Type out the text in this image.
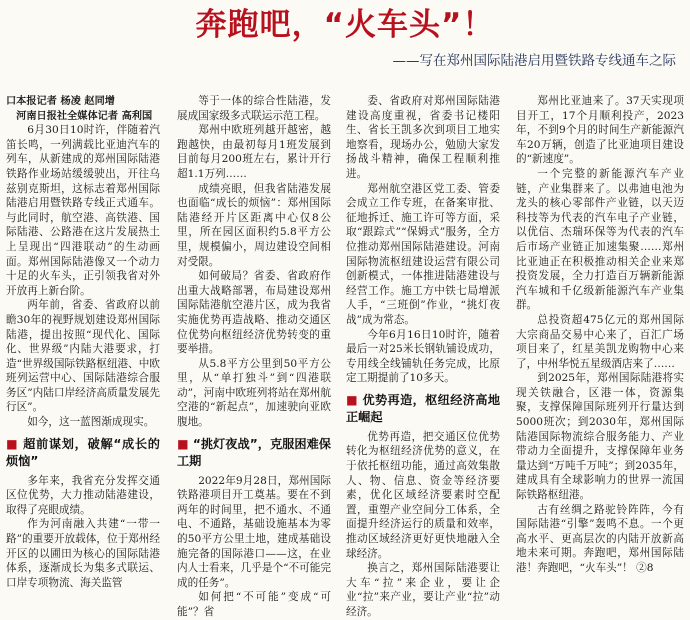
奔跑吧，“火车头”！
——写在郑州国际陆港启用暨铁路专线通车之际

口本报记者 杨凌 赵同增

　河南日报社全媒体记者 高利国

6月30日10时许，伴随着汽笛长鸣，一列满载比亚迪汽车的列车，从新建成的郑州国际陆港铁路作业场站缓缓驶出，开往乌兹别克斯坦，这标志着郑州国际陆港启用暨铁路专线正式通车。与此同时，航空港、高铁港、国际陆港、公路港在这片发展热土上呈现出“四港联动”的生动画面。郑州国际陆港像又一个动力十足的火车头，正引领我省对外开放再上新台阶。

两年前，省委、省政府以前瞻30年的视野规划建设郑州国际陆港，提出按照“现代化、国际化、世界级”内陆大港要求，打造“世界级国际铁路枢纽港、中欧班列运营中心、国际陆港综合服务区”内陆口岸经济高质量发展先行区”。

如今，这一蓝图渐成现实。

■ 超前谋划，破解“成长的烦恼”

多年来，我省充分发挥交通区位优势，大力推动陆港建设，取得了亮眼成绩。

作为河南融入共建“一带一路”的重要开放载体，位于郑州经开区的以圃田为核心的国际陆港体系，逐渐成长为集多式联运、口岸专项物流、海关监管

等于一体的综合性陆港，发展成国家级多式联运示范工程。

郑州中欧班列越开越密，越跑越快，由最初每月1班发展到目前每月200班左右，累计开行超1.1万列……

成绩亮眼，但我省陆港发展也面临“成长的烦恼”：郑州国际陆港经开片区距离中心仅8公里，所在园区面积约5.8平方公里，规模偏小，周边建设空间相对受限。

如何破局？省委、省政府作出重大战略部署，布局建设郑州国际陆港航空港片区，成为我省实施优势再造战略、推动交通区位优势向枢纽经济优势转变的重要举措。

从5.8平方公里到50平方公里，从“单打独斗”到“四港联动”，河南中欧班列将站在郑州航空港的“新起点”，加速驶向亚欧腹地。

■ “挑灯夜战”，克服困难保工期

2022年9月28日，郑州国际铁路港项目开工奠基。要在不到两年的时间里，把不通水、不通电、不通路，基础设施基本为零的50平方公里土地，建成基础设施完备的国际港口——这，在业内人士看来，几乎是个“不可能完成的任务”。

如何把“不可能”变成“可能”？省

委、省政府对郑州国际陆港建设高度重视，省委书记楼阳生、省长王凯多次到项目工地实地察看，现场办公，勉励大家发扬战斗精神，确保工程顺利推进。

郑州航空港区党工委、管委会成立工作专班，在备案审批、征地拆迁、施工许可等方面，采取“跟踪式”“保姆式”服务，全方位推动郑州国际陆港建设。河南国际物流枢纽建设运营有限公司创新模式，一体推进陆港建设与经营工作。施工方中铁七局增派人手，“三班倒”作业，“挑灯夜战”成为常态。

今年6月16日10时许，随着最后一对25米长钢轨铺设成功，专用线全线铺轨任务完成，比原定工期提前了10多天。

■ 优势再造，枢纽经济高地正崛起

优势再造，把交通区位优势转化为枢纽经济优势的意义，在于依托枢纽功能，通过高效集散人、物、信息、资金等经济要素，优化区域经济要素时空配置，重塑产业空间分工体系，全面提升经济运行的质量和效率，推动区域经济更好更快地融入全球经济。

换言之，郑州国际陆港要让大车“拉”来企业，要让企业“拉”来产业，要让产业“拉”动经济。

郑州比亚迪来了。37天实现项目开工，17个月顺利投产，2023年，不到9个月的时间生产新能源汽车20万辆，创造了比亚迪项目建设的“新速度”。

一个完整的新能源汽车产业链，产业集群来了。以弗迪电池为龙头的核心零部件产业链，以天迈科技等为代表的汽车电子产业链，以优信、杰瑞环保等为代表的汽车后市场产业链正加速集聚……郑州比亚迪正在积极推动相关企业来郑投资发展，全力打造百万辆新能源汽车城和千亿级新能源汽车产业集群。

总投资超475亿元的郑州国际大宗商品交易中心来了，百汇广场项目来了，红星美凯龙购物中心来了，中州华悦五星级酒店来了……

到2025年，郑州国际陆港将实现关铁融合，区港一体，资源集聚，支撑保障国际班列开行量达到5000班次；到2030年，郑州国际陆港国际物流综合服务能力、产业带动力全面提升，支撑保障年业务量达到“万吨千万吨”；到2035年，建成具有全球影响力的世界一流国际铁路枢纽港。

古有丝绸之路驼铃阵阵，今有国际陆港“引擎”轰鸣不息。一个更高水平、更高层次的内陆开放新高地未来可期。奔跑吧，郑州国际陆港！奔跑吧，“火车头”！ ②8
